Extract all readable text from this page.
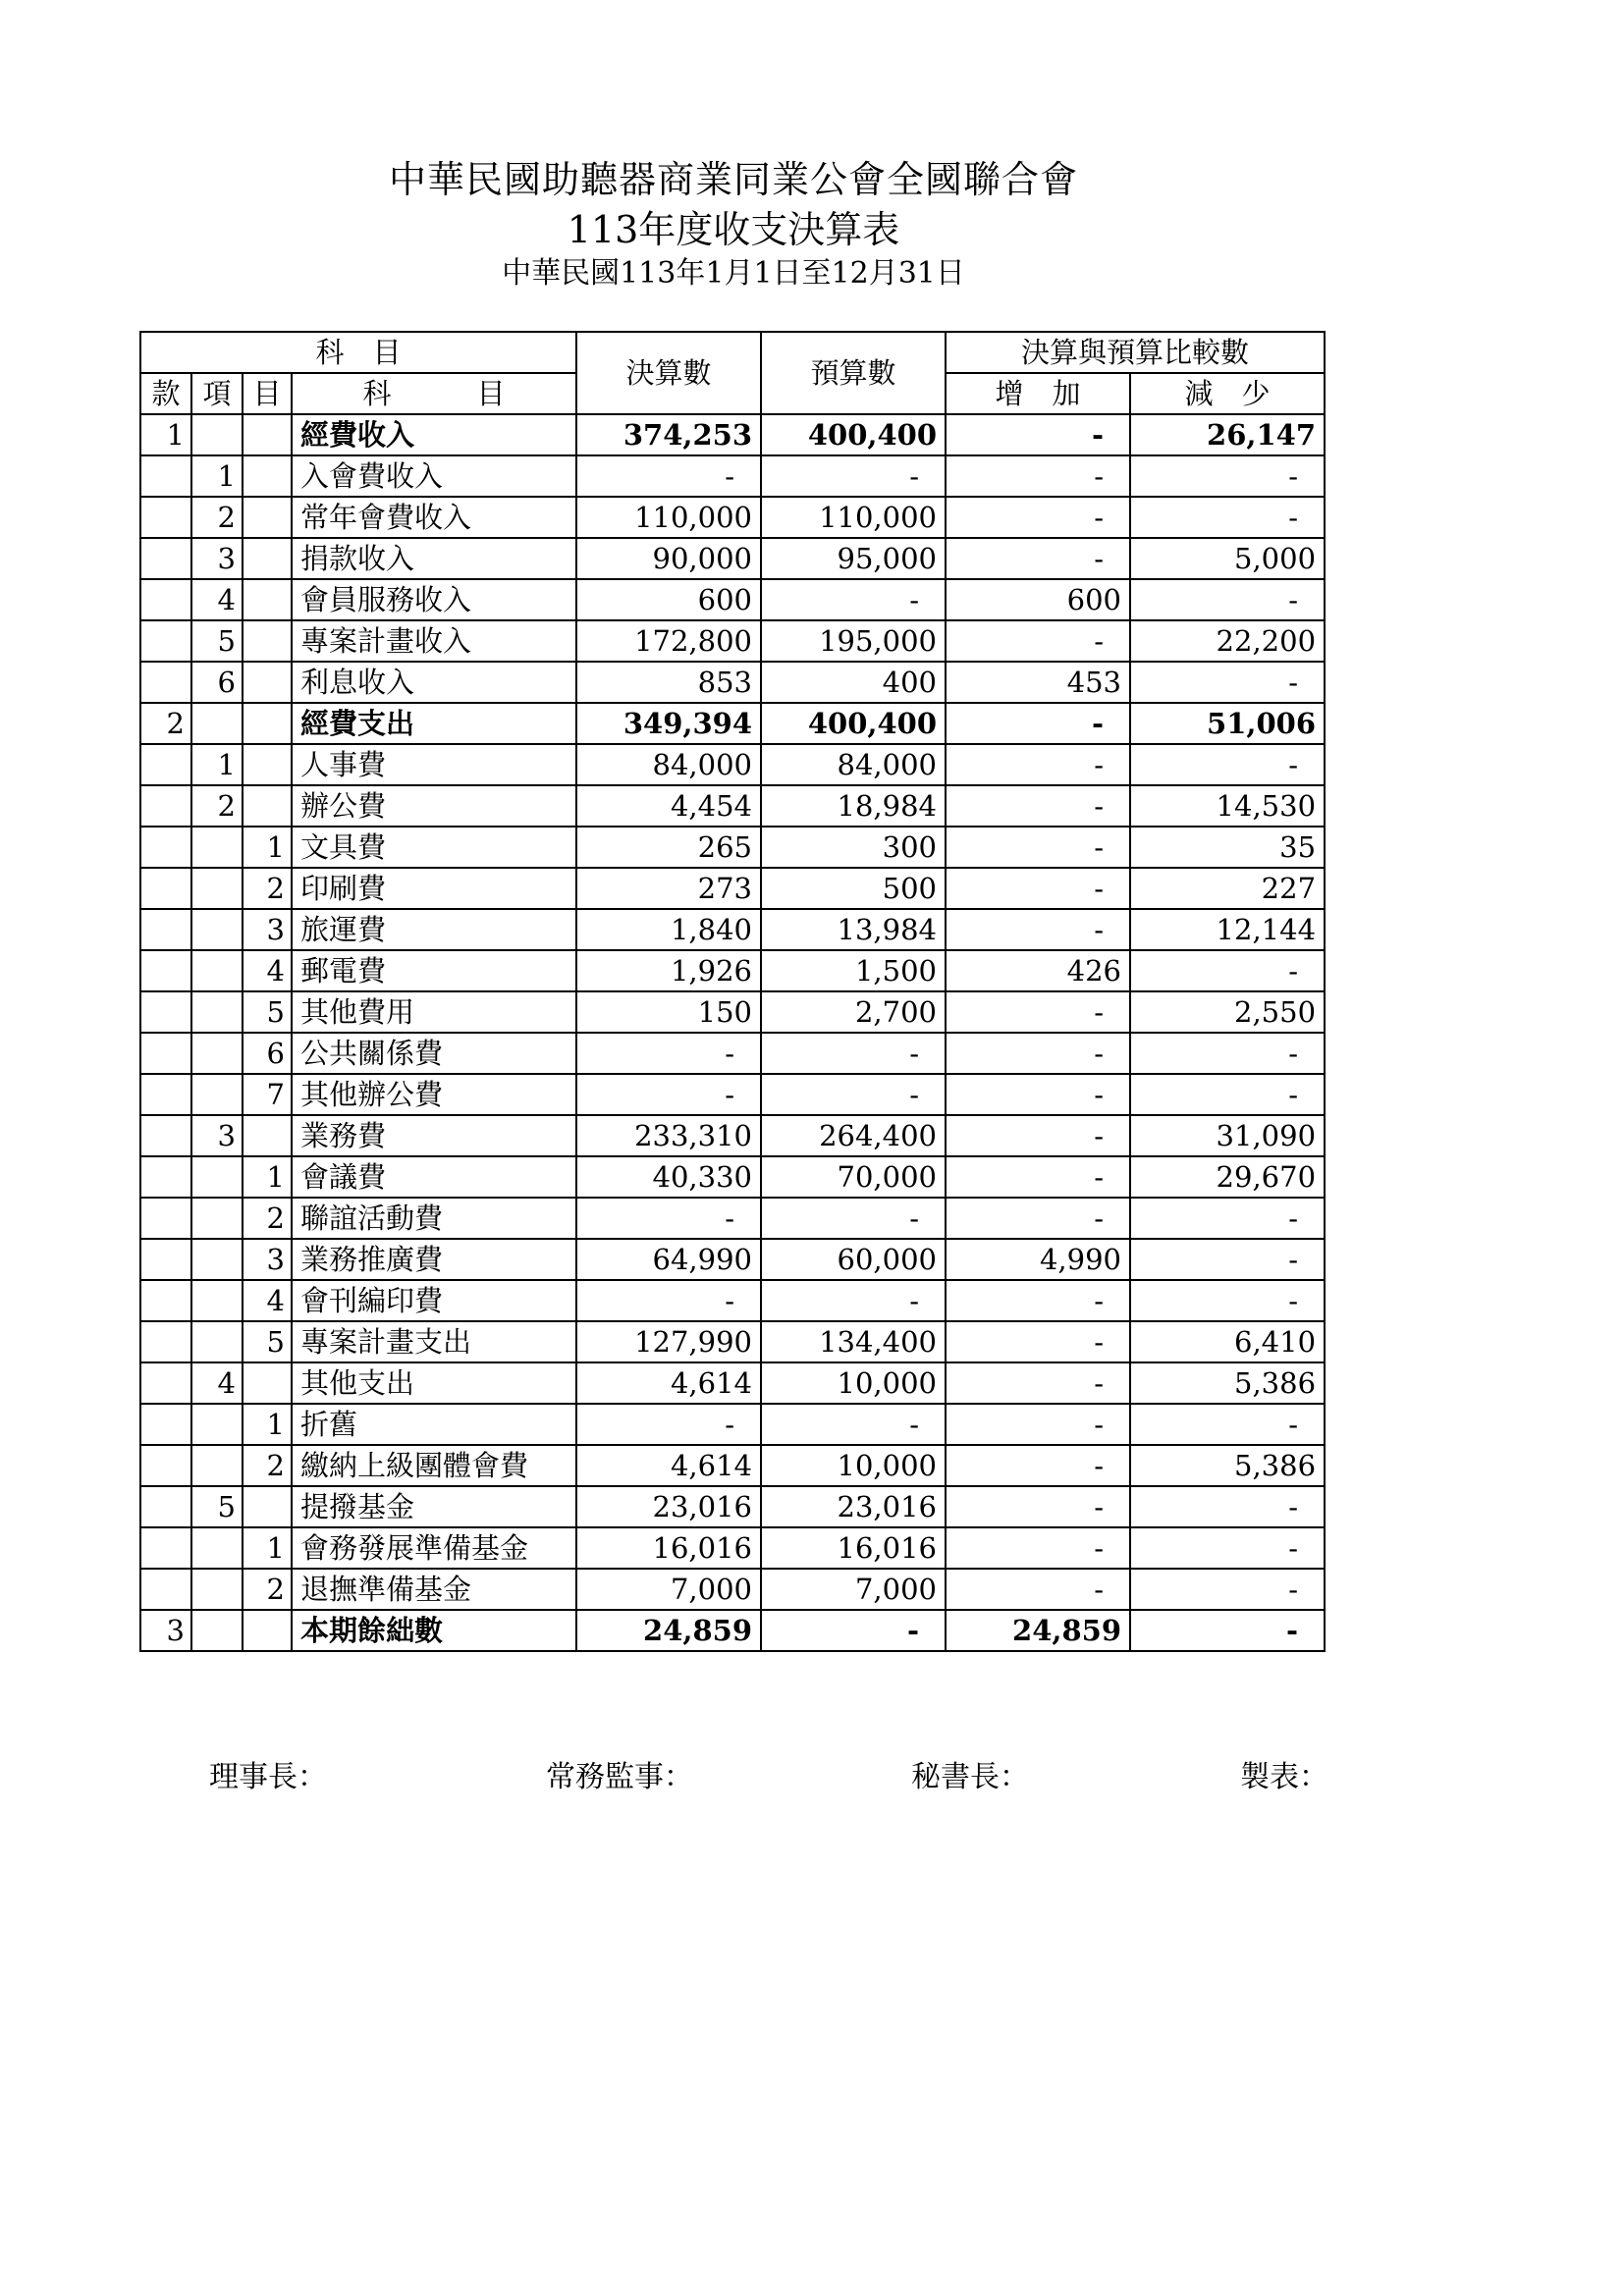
中華民國助聽器商業同業公會全國聯合會
113年度收支決算表
中華民國113年1月1日至12月31日
科　目				決算數	預算數	決算與預算比較數	
款	項	目	科　　　目			增　加	減　少
1			經費收入	374,253	400,400	-	26,147
	1		入會費收入	-	-	-	-
	2		常年會費收入	110,000	110,000	-	-
	3		捐款收入	90,000	95,000	-	5,000
	4		會員服務收入	600	-	600	-
	5		專案計畫收入	172,800	195,000	-	22,200
	6		利息收入	853	400	453	-
2			經費支出	349,394	400,400	-	51,006
	1		人事費	84,000	84,000	-	-
	2		辦公費	4,454	18,984	-	14,530
		1	文具費	265	300	-	35
		2	印刷費	273	500	-	227
		3	旅運費	1,840	13,984	-	12,144
		4	郵電費	1,926	1,500	426	-
		5	其他費用	150	2,700	-	2,550
		6	公共關係費	-	-	-	-
		7	其他辦公費	-	-	-	-
	3		業務費	233,310	264,400	-	31,090
		1	會議費	40,330	70,000	-	29,670
		2	聯誼活動費	-	-	-	-
		3	業務推廣費	64,990	60,000	4,990	-
		4	會刊編印費	-	-	-	-
		5	專案計畫支出	127,990	134,400	-	6,410
	4		其他支出	4,614	10,000	-	5,386
		1	折舊	-	-	-	-
		2	繳納上級團體會費	4,614	10,000	-	5,386
	5		提撥基金	23,016	23,016	-	-
		1	會務發展準備基金	16,016	16,016	-	-
		2	退撫準備基金	7,000	7,000	-	-
3			本期餘絀數	24,859	-	24,859	-
理事長：	常務監事：	秘書長：	製表：
